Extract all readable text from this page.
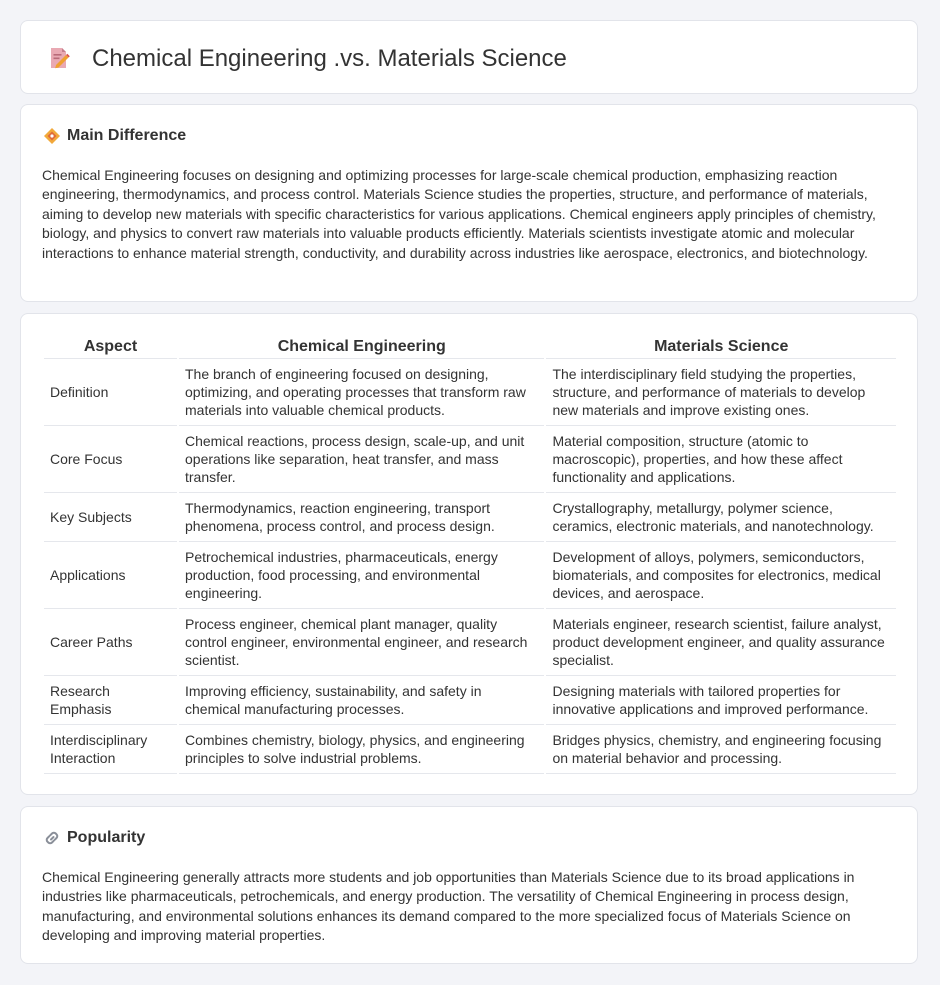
Chemical Engineering .vs. Materials Science
Main Difference

Chemical Engineering focuses on designing and optimizing processes for large-scale chemical production, emphasizing reaction engineering, thermodynamics, and process control. Materials Science studies the properties, structure, and performance of materials, aiming to develop new materials with specific characteristics for various applications. Chemical engineers apply principles of chemistry, biology, and physics to convert raw materials into valuable products efficiently. Materials scientists investigate atomic and molecular interactions to enhance material strength, conductivity, and durability across industries like aerospace, electronics, and biotechnology.

Aspect	Chemical Engineering	Materials Science
Definition	The branch of engineering focused on designing, optimizing, and operating processes that transform raw materials into valuable chemical products.	The interdisciplinary field studying the properties, structure, and performance of materials to develop new materials and improve existing ones.
Core Focus	Chemical reactions, process design, scale-up, and unit operations like separation, heat transfer, and mass transfer.	Material composition, structure (atomic to macroscopic), properties, and how these affect functionality and applications.
Key Subjects	Thermodynamics, reaction engineering, transport phenomena, process control, and process design.	Crystallography, metallurgy, polymer science, ceramics, electronic materials, and nanotechnology.
Applications	Petrochemical industries, pharmaceuticals, energy production, food processing, and environmental engineering.	Development of alloys, polymers, semiconductors, biomaterials, and composites for electronics, medical devices, and aerospace.
Career Paths	Process engineer, chemical plant manager, quality control engineer, environmental engineer, and research scientist.	Materials engineer, research scientist, failure analyst, product development engineer, and quality assurance specialist.
Research Emphasis	Improving efficiency, sustainability, and safety in chemical manufacturing processes.	Designing materials with tailored properties for innovative applications and improved performance.
Interdisciplinary Interaction	Combines chemistry, biology, physics, and engineering principles to solve industrial problems.	Bridges physics, chemistry, and engineering focusing on material behavior and processing.
Popularity

Chemical Engineering generally attracts more students and job opportunities than Materials Science due to its broad applications in industries like pharmaceuticals, petrochemicals, and energy production. The versatility of Chemical Engineering in process design, manufacturing, and environmental solutions enhances its demand compared to the more specialized focus of Materials Science on developing and improving material properties.
